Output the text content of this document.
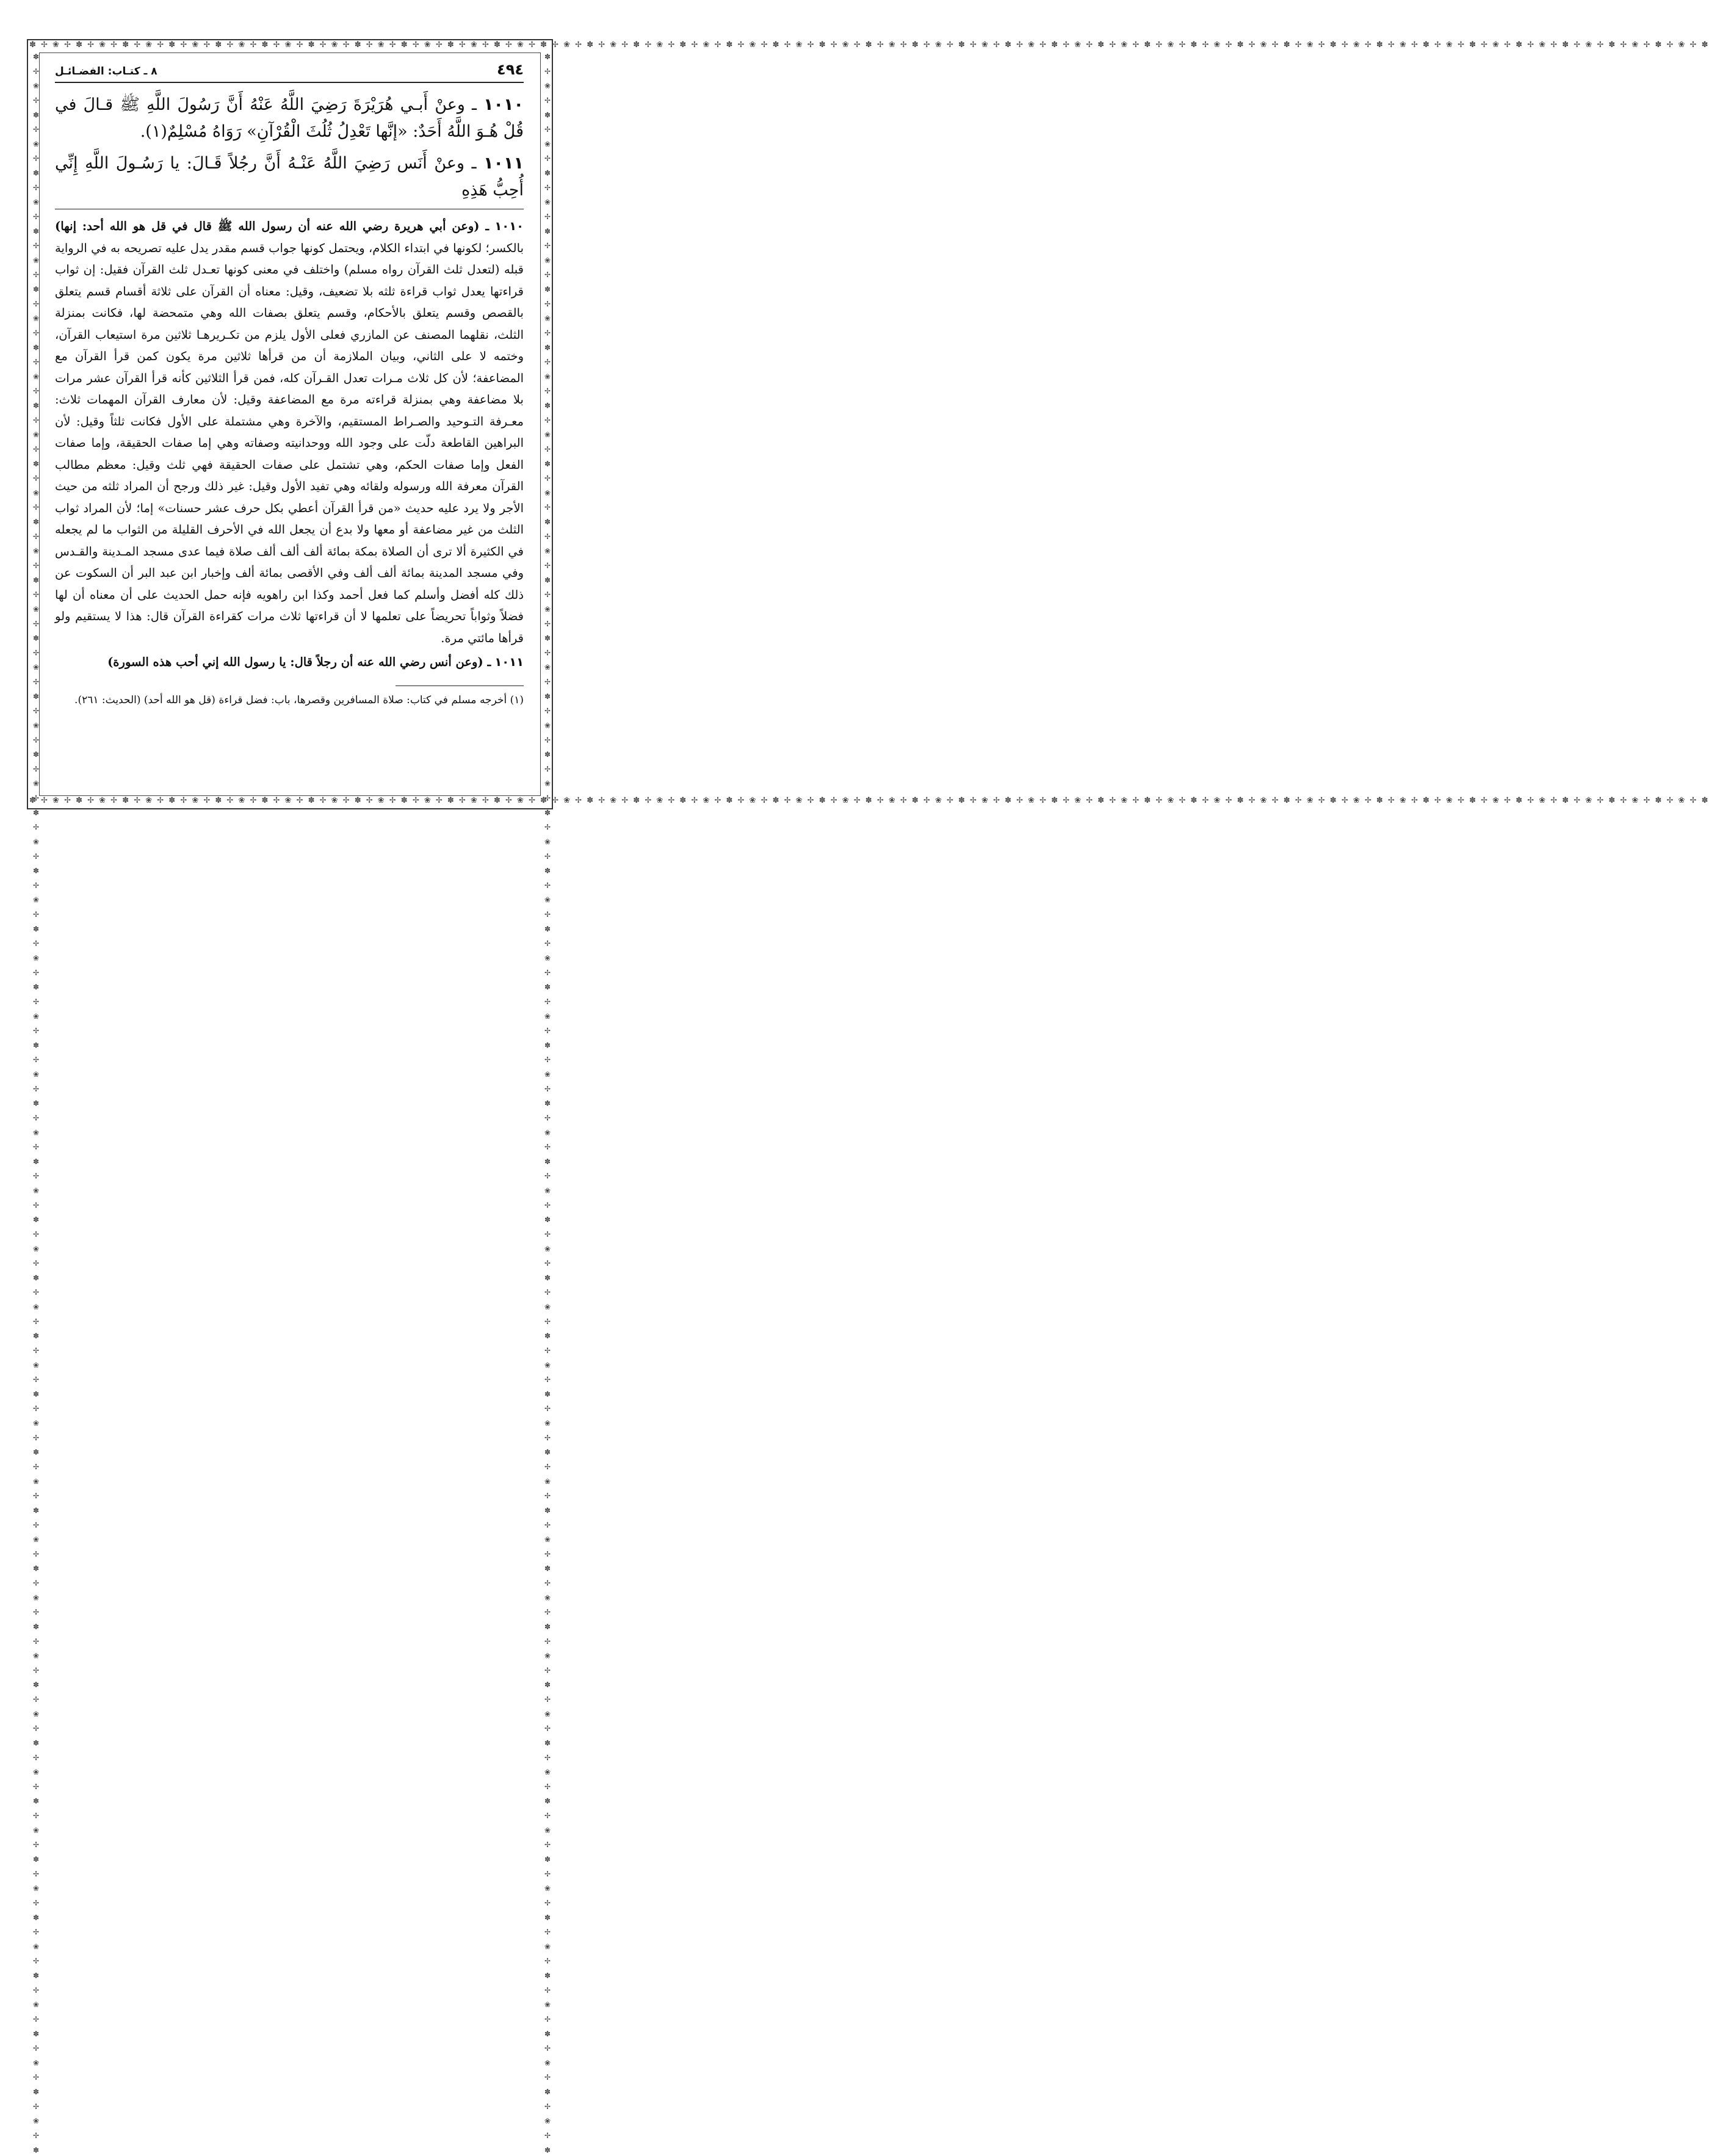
✽ ✢ ❀ ✢ ✽ ✢ ❀ ✢ ✽ ✢ ❀ ✢ ✽ ✢ ❀ ✢ ✽ ✢ ❀ ✢ ✽ ✢ ❀ ✢ ✽ ✢ ❀ ✢ ✽ ✢ ❀ ✢ ✽ ✢ ❀ ✢ ✽ ✢ ❀ ✢ ✽ ✢ ❀ ✢ ✽ ✢ ❀ ✢ ✽ ✢ ❀ ✢ ✽ ✢ ❀ ✢ ✽ ✢ ❀ ✢ ✽ ✢ ❀ ✢ ✽ ✢ ❀ ✢ ✽ ✢ ❀ ✢ ✽ ✢ ❀ ✢ ✽ ✢ ❀ ✢ ✽ ✢ ❀ ✢ ✽ ✢ ❀ ✢ ✽ ✢ ❀ ✢ ✽ ✢ ❀ ✢ ✽ ✢ ❀ ✢ ✽ ✢ ❀ ✢ ✽ ✢ ❀ ✢ ✽ ✢ ❀ ✢ ✽ ✢ ❀ ✢ ✽ ✢ ❀ ✢ ✽ ✢ ❀ ✢ ✽ ✢ ❀ ✢ ✽ ✢ ❀ ✢ ✽ ✢ ❀ ✢ ✽ ✢ ❀ ✢ ✽ ✢ ❀ ✢ ✽
✽ ✢ ❀ ✢ ✽ ✢ ❀ ✢ ✽ ✢ ❀ ✢ ✽ ✢ ❀ ✢ ✽ ✢ ❀ ✢ ✽ ✢ ❀ ✢ ✽ ✢ ❀ ✢ ✽ ✢ ❀ ✢ ✽ ✢ ❀ ✢ ✽ ✢ ❀ ✢ ✽ ✢ ❀ ✢ ✽ ✢ ❀ ✢ ✽ ✢ ❀ ✢ ✽ ✢ ❀ ✢ ✽ ✢ ❀ ✢ ✽ ✢ ❀ ✢ ✽ ✢ ❀ ✢ ✽ ✢ ❀ ✢ ✽ ✢ ❀ ✢ ✽ ✢ ❀ ✢ ✽ ✢ ❀ ✢ ✽ ✢ ❀ ✢ ✽ ✢ ❀ ✢ ✽ ✢ ❀ ✢ ✽ ✢ ❀ ✢ ✽ ✢ ❀ ✢ ✽ ✢ ❀ ✢ ✽ ✢ ❀ ✢ ✽ ✢ ❀ ✢ ✽ ✢ ❀ ✢ ✽ ✢ ❀ ✢ ✽ ✢ ❀ ✢ ✽ ✢ ❀ ✢ ✽ ✢ ❀ ✢ ✽ ✢ ❀ ✢ ✽ ✢ ❀ ✢ ✽
✽ ✢ ❀ ✢ ✽ ✢ ❀ ✢ ✽ ✢ ❀ ✢ ✽ ✢ ❀ ✢ ✽ ✢ ❀ ✢ ✽ ✢ ❀ ✢ ✽ ✢ ❀ ✢ ✽ ✢ ❀ ✢ ✽ ✢ ❀ ✢ ✽ ✢ ❀ ✢ ✽ ✢ ❀ ✢ ✽ ✢ ❀ ✢ ✽ ✢ ❀ ✢ ✽ ✢ ❀ ✢ ✽ ✢ ❀ ✢ ✽ ✢ ❀ ✢ ✽ ✢ ❀ ✢ ✽ ✢ ❀ ✢ ✽ ✢ ❀ ✢ ✽ ✢ ❀ ✢ ✽ ✢ ❀ ✢ ✽ ✢ ❀ ✢ ✽ ✢ ❀ ✢ ✽ ✢ ❀ ✢ ✽ ✢ ❀ ✢ ✽ ✢ ❀ ✢ ✽ ✢ ❀ ✢ ✽ ✢ ❀ ✢ ✽ ✢ ❀ ✢ ✽ ✢ ❀ ✢ ✽ ✢ ❀ ✢ ✽ ✢ ❀ ✢ ✽ ✢ ❀ ✢ ✽ ✢ ❀ ✢ ✽ ✢ ❀ ✢ ✽ ✢ ❀ ✢ ✽	✽ ✢ ❀ ✢ ✽ ✢ ❀ ✢ ✽ ✢ ❀ ✢ ✽ ✢ ❀ ✢ ✽ ✢ ❀ ✢ ✽ ✢ ❀ ✢ ✽ ✢ ❀ ✢ ✽ ✢ ❀ ✢ ✽ ✢ ❀ ✢ ✽ ✢ ❀ ✢ ✽ ✢ ❀ ✢ ✽ ✢ ❀ ✢ ✽ ✢ ❀ ✢ ✽ ✢ ❀ ✢ ✽ ✢ ❀ ✢ ✽ ✢ ❀ ✢ ✽ ✢ ❀ ✢ ✽ ✢ ❀ ✢ ✽ ✢ ❀ ✢ ✽ ✢ ❀ ✢ ✽ ✢ ❀ ✢ ✽ ✢ ❀ ✢ ✽ ✢ ❀ ✢ ✽ ✢ ❀ ✢ ✽ ✢ ❀ ✢ ✽ ✢ ❀ ✢ ✽ ✢ ❀ ✢ ✽ ✢ ❀ ✢ ✽ ✢ ❀ ✢ ✽ ✢ ❀ ✢ ✽ ✢ ❀ ✢ ✽ ✢ ❀ ✢ ✽ ✢ ❀ ✢ ✽ ✢ ❀ ✢ ✽ ✢ ❀ ✢ ✽ ✢ ❀ ✢ ✽
٤٩٤
٨ ـ كتـاب: الفضـائـل

١٠١٠ ـ وعنْ أَبـي هُرَيْرَةَ رَضِيَ اللَّهُ عَنْهُ أَنَّ رَسُولَ اللَّهِ ﷺ قـالَ في قُلْ هُـوَ اللَّهُ أَحَدٌ: «إنَّها تَعْدِلُ ثُلُثَ الْقُرْآنِ» رَوَاهُ مُسْلِمٌ(١).

١٠١١ ـ وعنْ أَنَس رَضِيَ اللَّهُ عَنْـهُ أَنَّ رجُلاً قَـالَ: يا رَسُـولَ اللَّهِ إِنِّي أُحِبُّ هَذِهِ

١٠١٠ ـ (وعن أبي هريرة رضي الله عنه أن رسول الله ﷺ قال في قل هو الله أحد: إنها) بالكسر؛ لكونها في ابتداء الكلام، ويحتمل كونها جواب قسم مقدر يدل عليه تصريحه به في الرواية قبله (لتعدل ثلث القرآن رواه مسلم) واختلف في معنى كونها تعـدل ثلث القرآن فقيل: إن ثواب قراءتها يعدل ثواب قراءة ثلثه بلا تضعيف، وقيل: معناه أن القرآن على ثلاثة أقسام قسم يتعلق بالقصص وقسم يتعلق بالأحكام، وقسم يتعلق بصفات الله وهي متمحضة لها، فكانت بمنزلة الثلث، نقلهما المصنف عن المازري فعلى الأول يلزم من تكـريرهـا ثلاثين مرة استيعاب القرآن، وختمه لا على الثاني، وبيان الملازمة أن من قرأها ثلاثين مرة يكون كمن قرأ القرآن مع المضاعفة؛ لأن كل ثلاث مـرات تعدل القـرآن كله، فمن قرأ الثلاثين كأنه قرأ القرآن عشر مرات بلا مضاعفة وهي بمنزلة قراءته مرة مع المضاعفة وقيل: لأن معارف القرآن المهمات ثلاث: معـرفة التـوحيد والصـراط المستقيم، والآخرة وهي مشتملة على الأول فكانت ثلثاً وقيل: لأن البراهين القاطعة دلّت على وجود الله ووحدانيته وصفاته وهي إما صفات الحقيقة، وإما صفات الفعل وإما صفات الحكم، وهي تشتمل على صفات الحقيقة فهي ثلث وقيل: معظم مطالب القرآن معرفة الله ورسوله ولقائه وهي تفيد الأول وقيل: غير ذلك ورجح أن المراد ثلثه من حيث الأجر ولا يرد عليه حديث «من قرأ القرآن أعطي بكل حرف عشر حسنات» إما؛ لأن المراد ثواب الثلث من غير مضاعفة أو معها ولا بدع أن يجعل الله في الأحرف القليلة من الثواب ما لم يجعله في الكثيرة ألا ترى أن الصلاة بمكة بمائة ألف ألف ألف صلاة فيما عدى مسجد المـدينة والقـدس وفي مسجد المدينة بمائة ألف ألف وفي الأقصى بمائة ألف وإخبار ابن عبد البر أن السكوت عن ذلك كله أفضل وأسلم كما فعل أحمد وكذا ابن راهويه فإنه حمل الحديث على أن معناه أن لها فضلاً وثواباً تحريضاً على تعلمها لا أن قراءتها ثلاث مرات كقراءة القرآن قال: هذا لا يستقيم ولو قرأها مائتي مرة.

١٠١١ ـ (وعن أنس رضي الله عنه أن رجلاً قال: يا رسول الله إني أحب هذه السورة)

(١) أخرجه مسلم في كتاب: صلاة المسافرين وقصرها، باب: فضل قراءة (قل هو الله أحد) (الحديث: ٢٦١).
